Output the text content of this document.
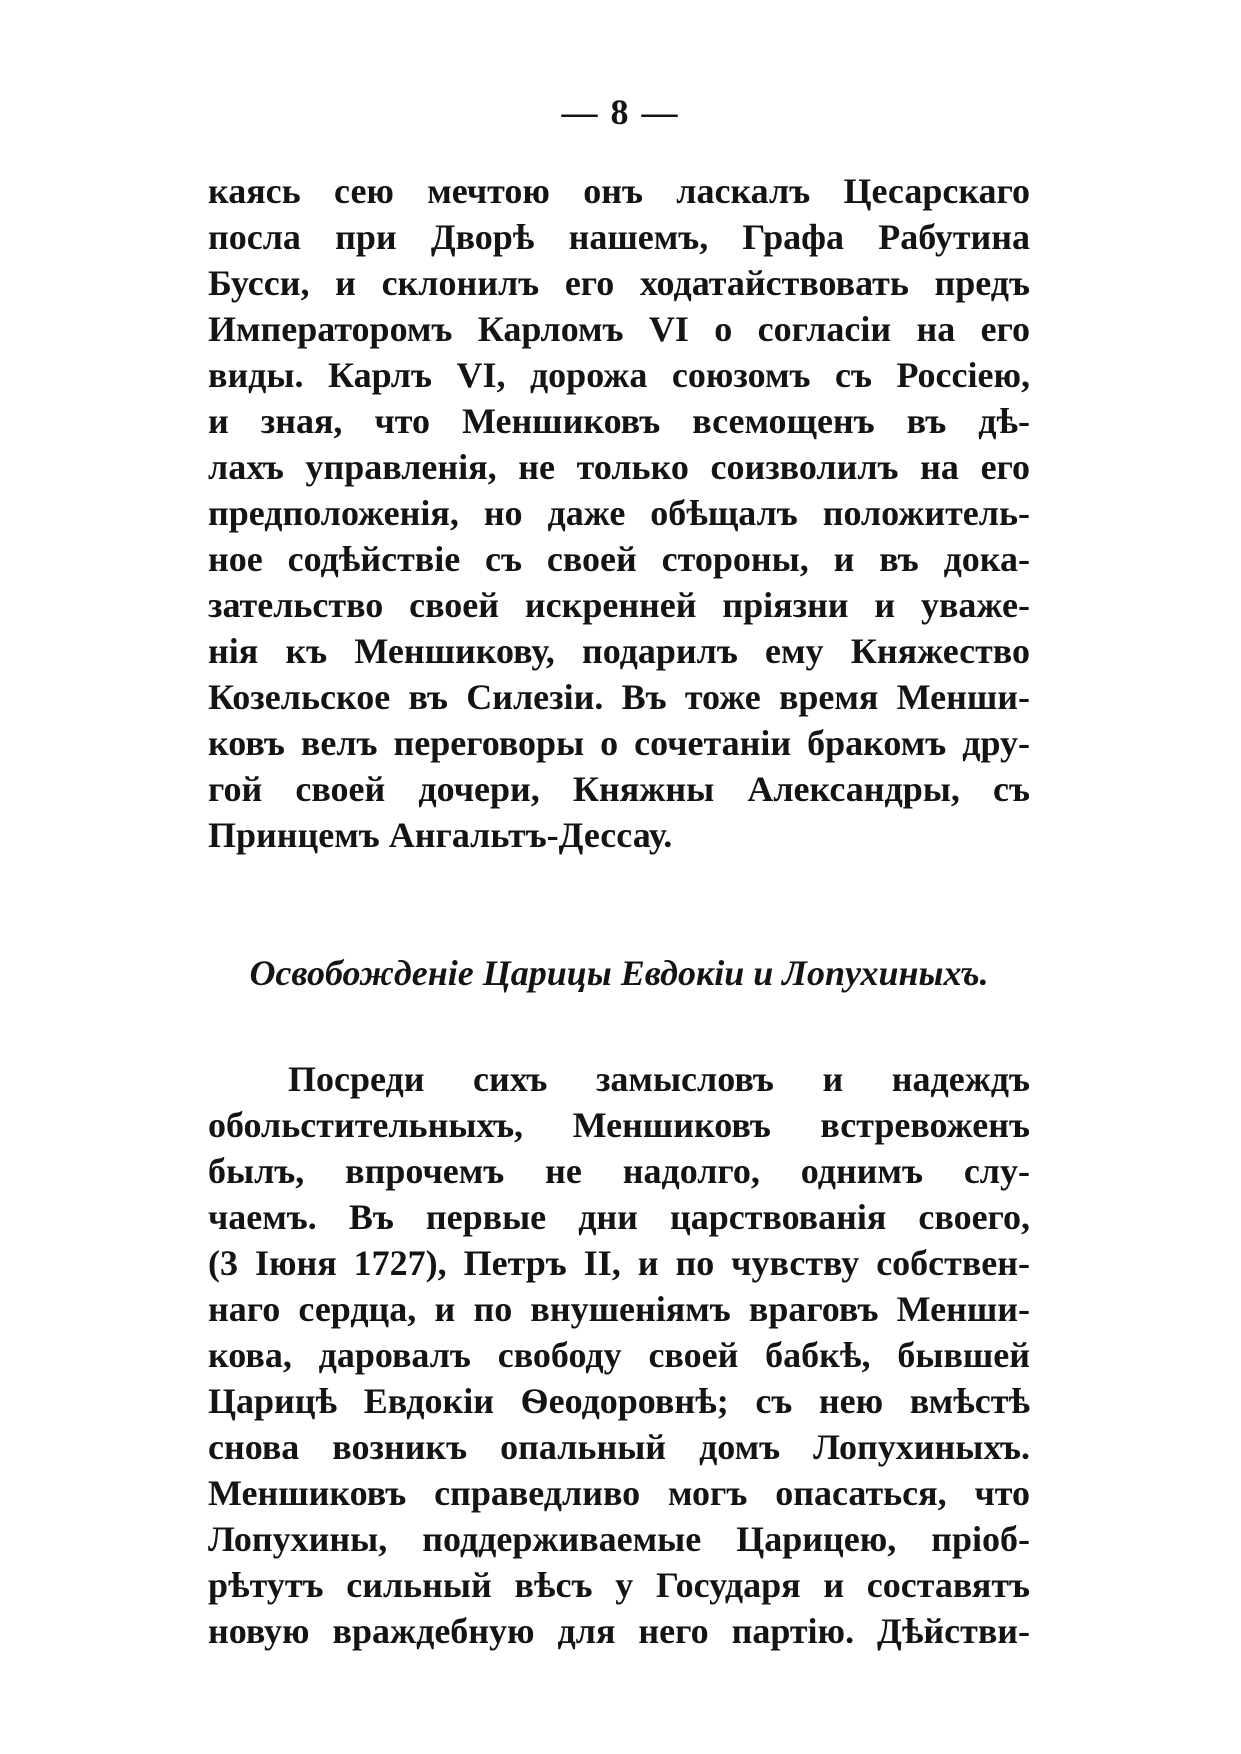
— 8 —
каясь сею мечтою онъ ласкалъ Цесарскаго
посла при Дворѣ нашемъ, Графа Рабутина
Бусси, и склонилъ его ходатайствовать предъ
Императоромъ Карломъ VI о согласіи на его
виды. Карлъ VI, дорожа союзомъ съ Россіею,
и зная, что Меншиковъ всемощенъ въ дѣ-
лахъ управленія, не только соизволилъ на его
предположенія, но даже обѣщалъ положитель-
ное содѣйствіе съ своей стороны, и въ дока-
зательство своей искренней пріязни и уваже-
нія къ Меншикову, подарилъ ему Княжество
Козельское въ Силезіи. Въ тоже время Менши-
ковъ велъ переговоры о сочетаніи бракомъ дру-
гой своей дочери, Княжны Александры, съ
Принцемъ Ангальтъ-Дессау.
Освобожденіе Царицы Евдокіи и Лопухиныхъ.
Посреди сихъ замысловъ и надеждъ
обольстительныхъ, Меншиковъ встревоженъ
былъ, впрочемъ не надолго, однимъ слу-
чаемъ. Въ первые дни царствованія своего,
(3 Іюня 1727), Петръ II, и по чувству собствен-
наго сердца, и по внушеніямъ враговъ Менши-
кова, даровалъ свободу своей бабкѣ, бывшей
Царицѣ Евдокіи Ѳеодоровнѣ; съ нею вмѣстѣ
снова возникъ опальный домъ Лопухиныхъ.
Меншиковъ справедливо могъ опасаться, что
Лопухины, поддерживаемые Царицею, пріоб-
рѣтутъ сильный вѣсъ у Государя и составятъ
новую враждебную для него партію. Дѣйстви-
